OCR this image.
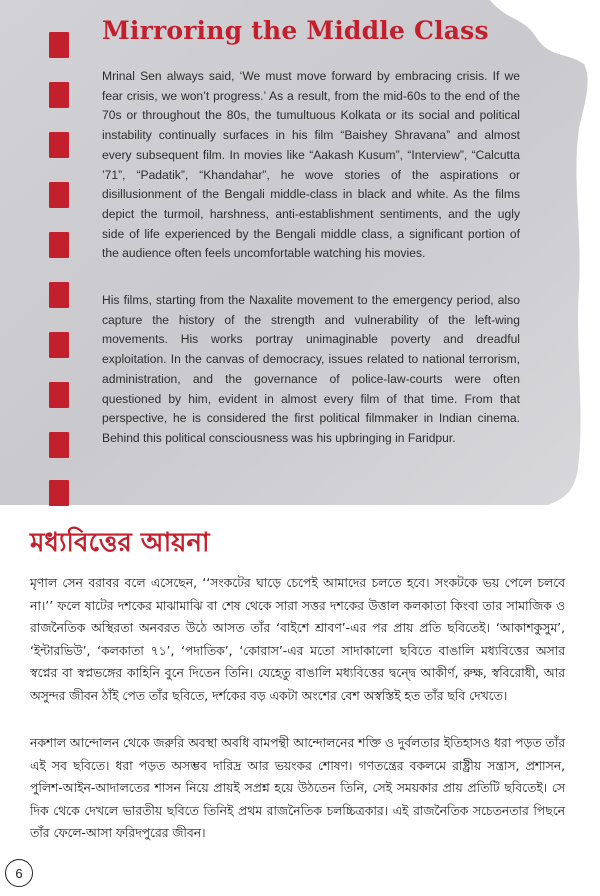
Mirroring the Middle Class

Mrinal Sen always said, ‘We must move forward by embracing crisis. If we fear crisis, we won’t progress.’ As a result, from the mid-60s to the end of the 70s or throughout the 80s, the tumultuous Kolkata or its social and political instability continually surfaces in his film “Baishey Shravana” and almost every subsequent film. In movies like “Aakash Kusum”, “Interview”, “Calcutta ’71”, “Padatik”, “Khandahar”, he wove stories of the aspirations or disillusionment of the Bengali middle-class in black and white. As the films depict the turmoil, harshness, anti-establishment sentiments, and the ugly side of life experienced by the Bengali middle class, a significant portion of the audience often feels uncomfortable watching his movies.

His films, starting from the Naxalite movement to the emergency period, also capture the history of the strength and vulnerability of the left-wing movements. His works portray unimaginable poverty and dreadful exploitation. In the canvas of democracy, issues related to national terrorism, administration, and the governance of police-law-courts were often questioned by him, evident in almost every film of that time. From that perspective, he is considered the first political filmmaker in Indian cinema. Behind this political consciousness was his upbringing in Faridpur.

মধ্যবিত্তের আয়না

মৃণাল সেন বরাবর বলে এসেছেন, ‘‘সংকটের ঘাড়ে চেপেই আমাদের চলতে হবে। সংকটকে ভয় পেলে চলবে না।’’ ফলে ষাটের দশকের মাঝামাঝি বা শেষ থেকে সারা সত্তর দশকের উত্তাল কলকাতা কিংবা তার সামাজিক ও রাজনৈতিক অস্থিরতা অনবরত উঠে আসত তাঁর ‘বাইশে শ্রাবণ’-এর পর প্রায় প্রতি ছবিতেই। ‘আকাশকুসুম’, ‘ইন্টারভিউ’, ‘কলকাতা ৭১’, ‘পদাতিক’, ‘কোরাস’-এর মতো সাদাকালো ছবিতে বাঙালি মধ্যবিত্তের অসার স্বপ্নের বা স্বপ্নভঙ্গের কাহিনি বুনে দিতেন তিনি। যেহেতু বাঙালি মধ্যবিত্তের দ্বন্দ্বে আকীর্ণ, রুক্ষ, স্ববিরোধী, আর অসুন্দর জীবন ঠাঁই পেত তাঁর ছবিতে, দর্শকের বড় একটা অংশের বেশ অস্বস্তিই হত তাঁর ছবি দেখতে।

নকশাল আন্দোলন থেকে জরুরি অবস্থা অবধি বামপন্থী আন্দোলনের শক্তি ও দুর্বলতার ইতিহাসও ধরা পড়ত তাঁর এই সব ছবিতে। ধরা পড়ত অসম্ভব দারিদ্র আর ভয়ংকর শোষণ। গণতন্ত্রের বকলমে রাষ্ট্রীয় সন্ত্রাস, প্রশাসন, পুলিশ-আইন-আদালতের শাসন নিয়ে প্রায়ই সপ্রশ্ন হয়ে উঠতেন তিনি, সেই সময়কার প্রায় প্রতিটি ছবিতেই। সে দিক থেকে দেখলে ভারতীয় ছবিতে তিনিই প্রথম রাজনৈতিক চলচ্চিত্রকার। এই রাজনৈতিক সচেতনতার পিছনে তাঁর ফেলে-আসা ফরিদপুরের জীবন।

6
